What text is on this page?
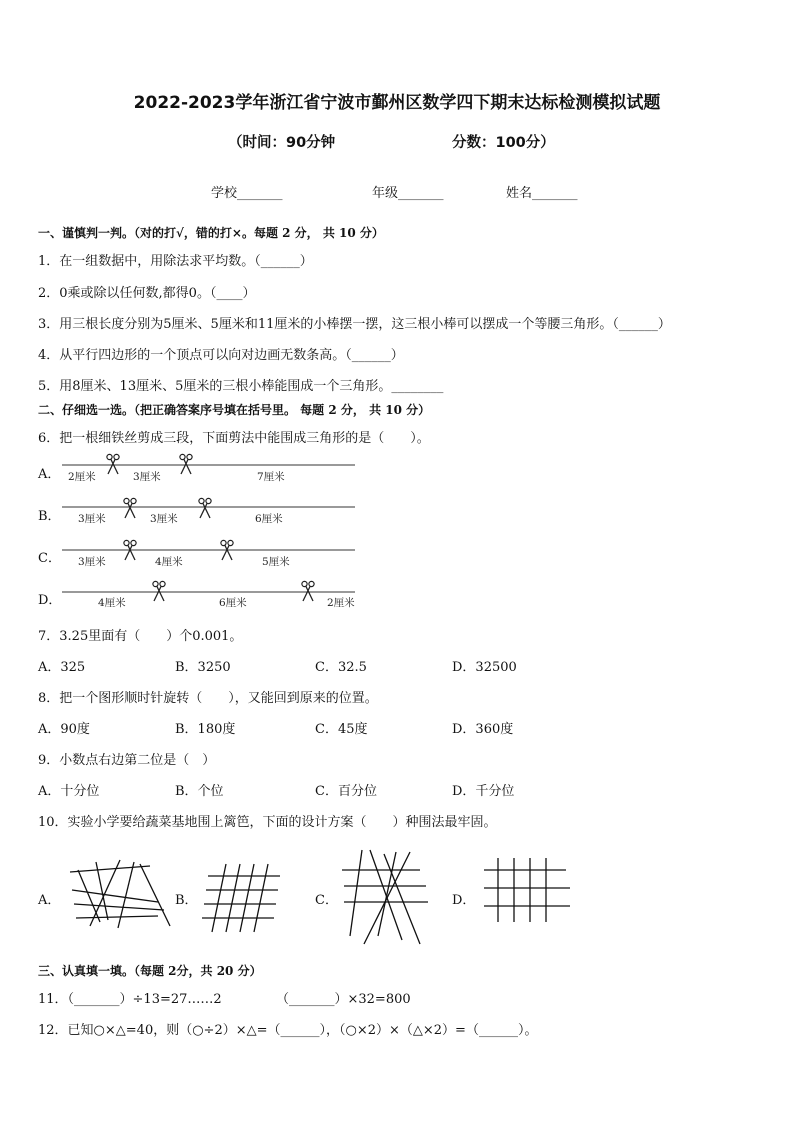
2022-2023学年浙江省宁波市鄞州区数学四下期末达标检测模拟试题
（时间：90分钟	分数：100分）
学校_______	年级_______	姓名_______
一、谨慎判一判。（对的打√，错的打×。每题 2 分， 共 10 分）
1．在一组数据中，用除法求平均数。（______）
2．0乘或除以任何数,都得0。（____）
3．用三根长度分别为5厘米、5厘米和11厘米的小棒摆一摆，这三根小棒可以摆成一个等腰三角形。（______）
4．从平行四边形的一个顶点可以向对边画无数条高。（______）
5．用8厘米、13厘米、5厘米的三根小棒能围成一个三角形。________
二、仔细选一选。（把正确答案序号填在括号里。 每题 2 分， 共 10 分）
6．把一根细铁丝剪成三段，下面剪法中能围成三角形的是（　　）。
A．
B．
C．
D．
2厘米	3厘米	7厘米
3厘米	3厘米	6厘米
3厘米	4厘米	5厘米
4厘米	6厘米	2厘米
7．3.25里面有（　　）个0.001。
A．325	B．3250	C．32.5	D．32500
8．把一个图形顺时针旋转（　　），又能回到原来的位置。
A．90度	B．180度	C．45度	D．360度
9．小数点右边第二位是（　）
A．十分位	B．个位	C．百分位	D．千分位
10．实验小学要给蔬菜基地围上篱笆，下面的设计方案（　　）种围法最牢固。
A．	B．	C．	D．
三、认真填一填。（每题 2分，共 20 分）
11．（_______）÷13=27……2	（_______）×32=800
12．已知○×△=40，则（○÷2）×△=（______），（○×2）×（△×2）=（______）。
